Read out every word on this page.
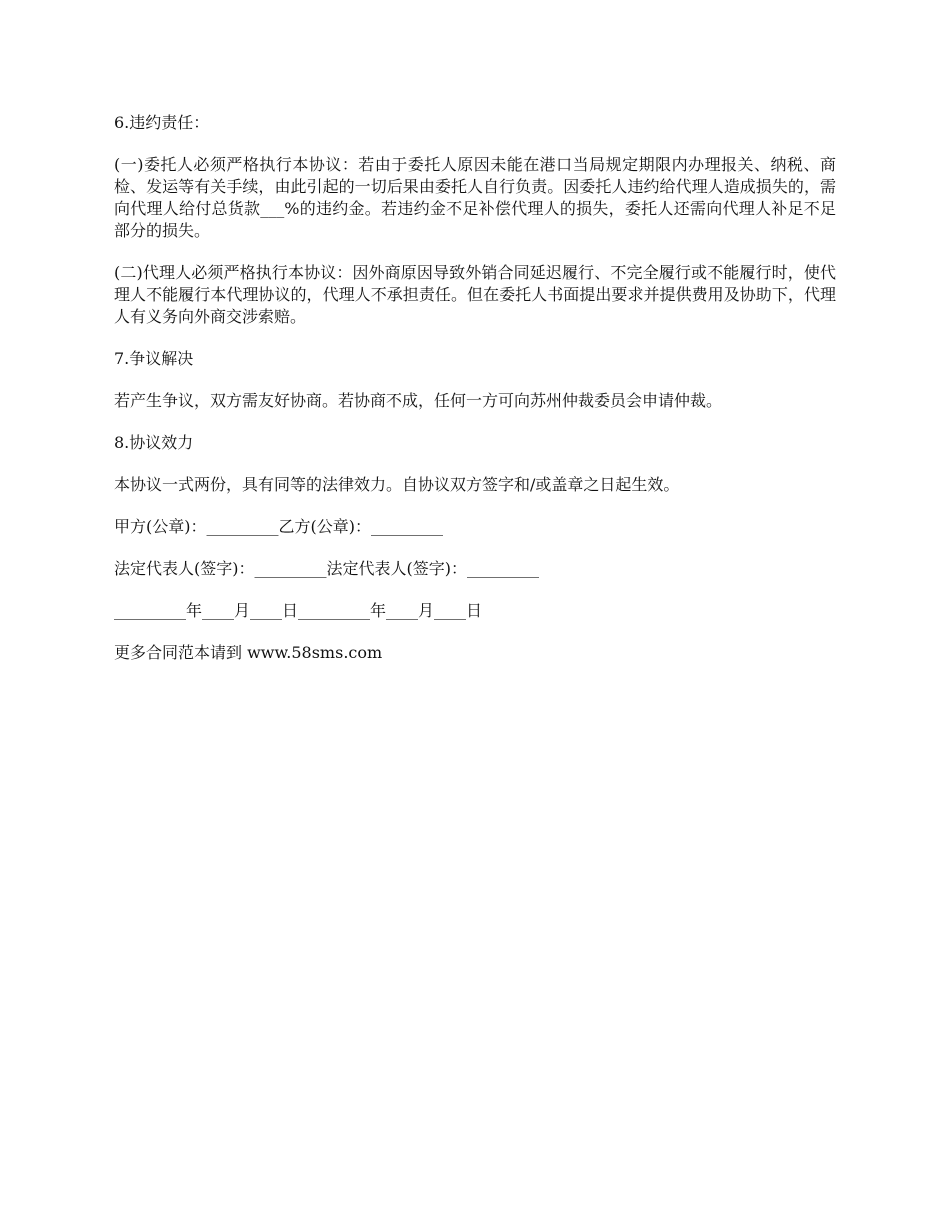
6.违约责任：

(一)委托人必须严格执行本协议：若由于委托人原因未能在港口当局规定期限内办理报关、纳税、商检、发运等有关手续，由此引起的一切后果由委托人自行负责。因委托人违约给代理人造成损失的，需向代理人给付总货款___%的违约金。若违约金不足补偿代理人的损失，委托人还需向代理人补足不足部分的损失。

(二)代理人必须严格执行本协议：因外商原因导致外销合同延迟履行、不完全履行或不能履行时，使代理人不能履行本代理协议的，代理人不承担责任。但在委托人书面提出要求并提供费用及协助下，代理人有义务向外商交涉索赔。

7.争议解决

若产生争议，双方需友好协商。若协商不成，任何一方可向苏州仲裁委员会申请仲裁。

8.协议效力

本协议一式两份，具有同等的法律效力。自协议双方签字和/或盖章之日起生效。

甲方(公章)：_________乙方(公章)：_________

法定代表人(签字)：_________法定代表人(签字)：_________

_________年____月____日_________年____月____日

更多合同范本请到 www.58sms.com
